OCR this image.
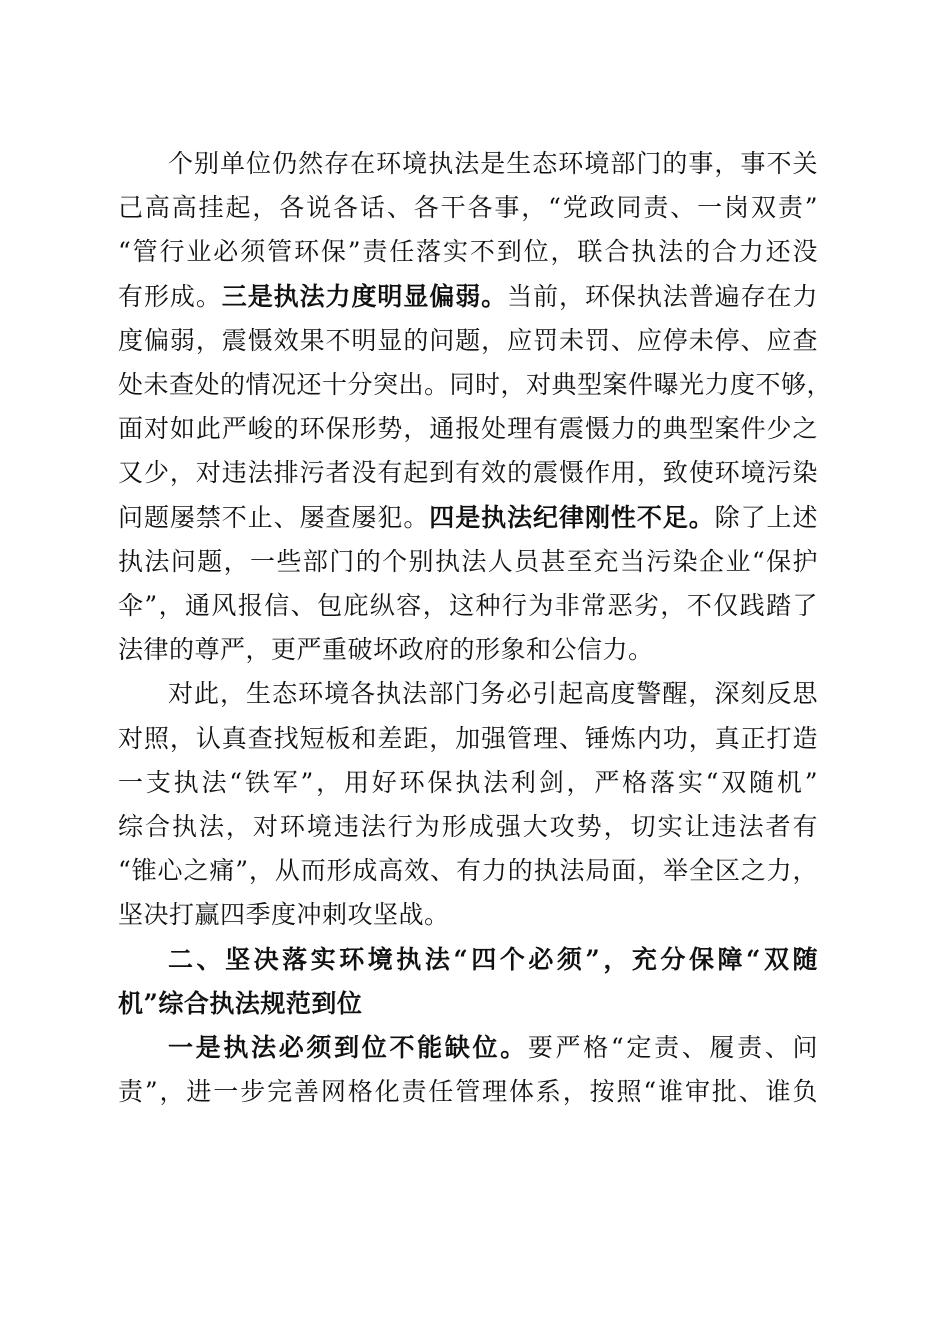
个别单位仍然存在环境执法是生态环境部门的事，事不关
己高高挂起，各说各话、各干各事，“党政同责、一岗双责”
“管行业必须管环保”责任落实不到位，联合执法的合力还没
有形成。三是执法力度明显偏弱。当前，环保执法普遍存在力
度偏弱，震慑效果不明显的问题，应罚未罚、应停未停、应查
处未查处的情况还十分突出。同时，对典型案件曝光力度不够，
面对如此严峻的环保形势，通报处理有震慑力的典型案件少之
又少，对违法排污者没有起到有效的震慑作用，致使环境污染
问题屡禁不止、屡查屡犯。四是执法纪律刚性不足。除了上述
执法问题，一些部门的个别执法人员甚至充当污染企业“保护
伞”，通风报信、包庇纵容，这种行为非常恶劣，不仅践踏了
法律的尊严，更严重破坏政府的形象和公信力。
对此，生态环境各执法部门务必引起高度警醒，深刻反思
对照，认真查找短板和差距，加强管理、锤炼内功，真正打造
一支执法“铁军”，用好环保执法利剑，严格落实“双随机”
综合执法，对环境违法行为形成强大攻势，切实让违法者有
“锥心之痛”，从而形成高效、有力的执法局面，举全区之力，
坚决打赢四季度冲刺攻坚战。
二、坚决落实环境执法“四个必须”，充分保障“双随
机”综合执法规范到位
一是执法必须到位不能缺位。要严格“定责、履责、问
责”，进一步完善网格化责任管理体系，按照“谁审批、谁负
